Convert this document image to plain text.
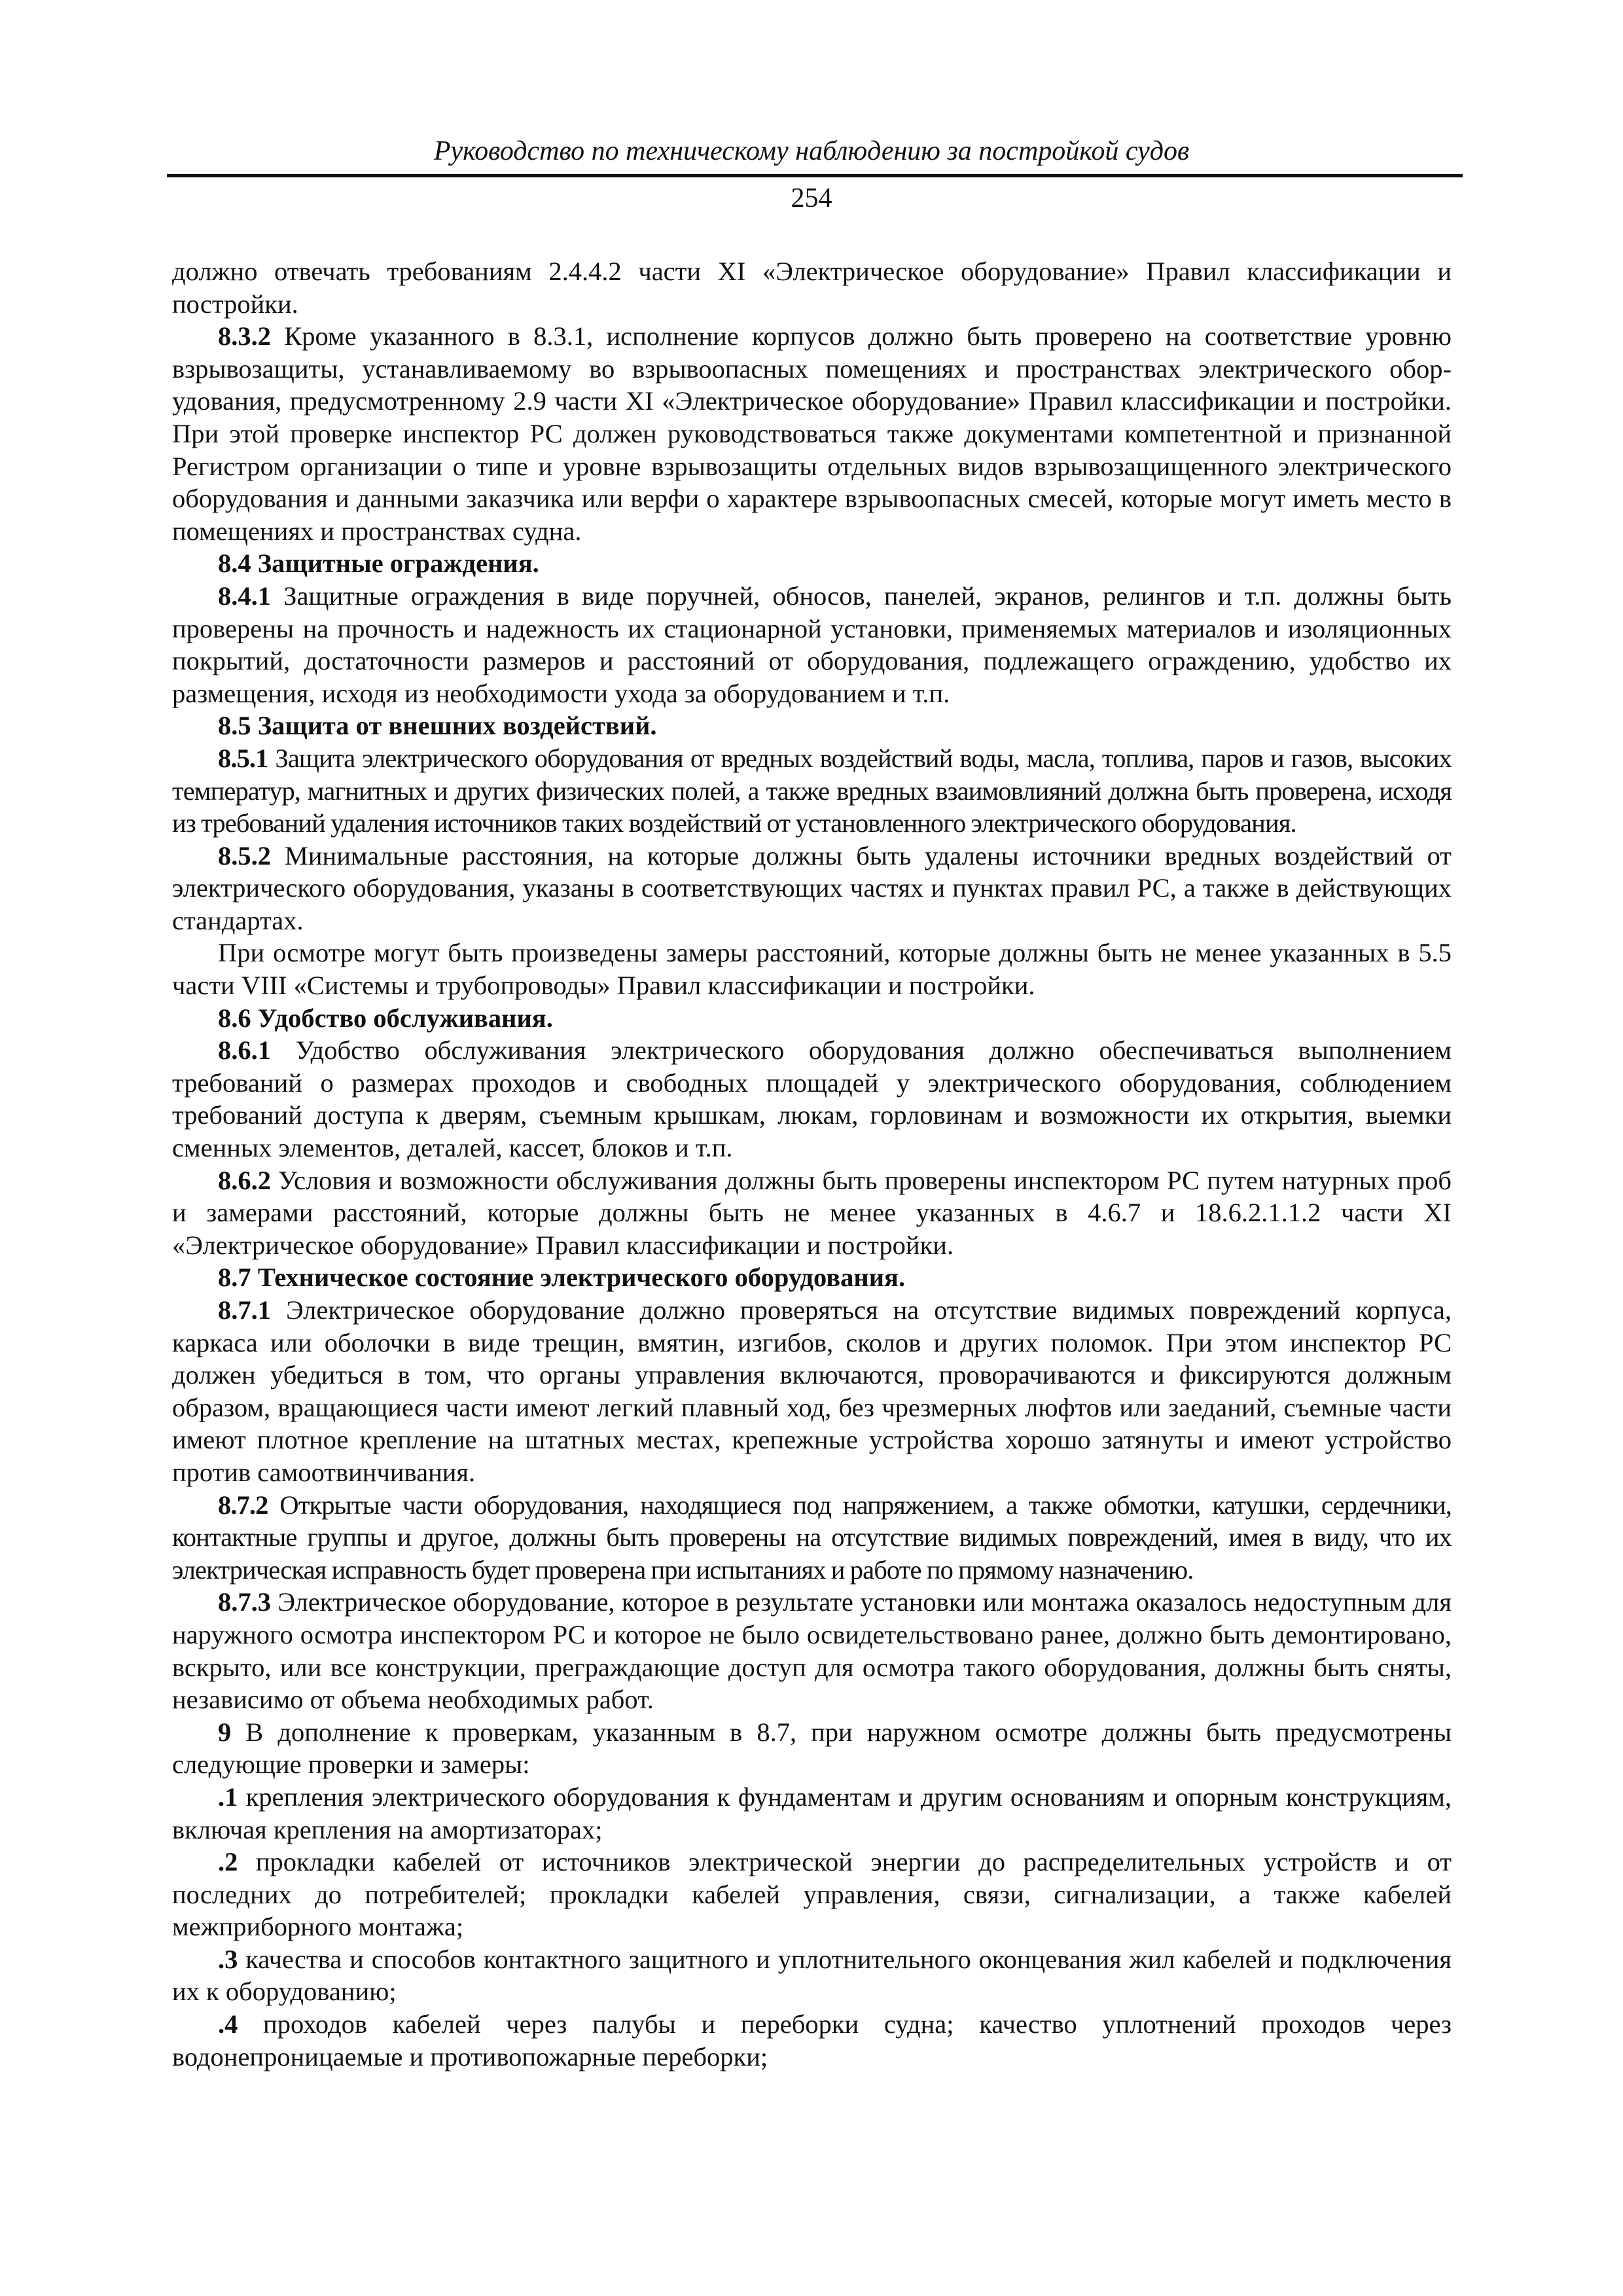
Руководство по техническому наблюдению за постройкой судов
254

должно отвечать требованиям 2.4.4.2 части XI «Электрическое оборудование» Правил классификации и постройки.

8.3.2 Кроме указанного в 8.3.1, исполнение корпусов должно быть проверено на соответствие уровню взрывозащиты, устанавливаемому во взрывоопасных помещениях и пространствах электрического оборудования, предусмотренному 2.9 части XI «Электрическое оборудование» Правил классификации и постройки. При этой проверке инспектор РС должен руководствоваться также документами компетентной и признанной Регистром организации о типе и уровне взрывозащиты отдельных видов взрывозащищенного электрического оборудования и данными заказчика или верфи о характере взрывоопасных смесей, которые могут иметь место в помещениях и пространствах судна.

8.4 Защитные ограждения.

8.4.1 Защитные ограждения в виде поручней, обносов, панелей, экранов, релингов и т.п. должны быть проверены на прочность и надежность их стационарной установки, применяемых материалов и изоляционных покрытий, достаточности размеров и расстояний от оборудования, подлежащего ограждению, удобство их размещения, исходя из необходимости ухода за оборудованием и т.п.

8.5 Защита от внешних воздействий.

8.5.1 Защита электрического оборудования от вредных воздействий воды, масла, топлива, паров и газов, высоких температур, магнитных и других физических полей, а также вредных взаимовлияний должна быть проверена, исходя из требований удаления источников таких воздействий от установленного электрического оборудования.

8.5.2 Минимальные расстояния, на которые должны быть удалены источники вредных воздействий от электрического оборудования, указаны в соответствующих частях и пунктах правил РС, а также в действующих стандартах.

При осмотре могут быть произведены замеры расстояний, которые должны быть не менее указанных в 5.5 части VIII «Системы и трубопроводы» Правил классификации и постройки.

8.6 Удобство обслуживания.

8.6.1 Удобство обслуживания электрического оборудования должно обеспечиваться выполнением требований о размерах проходов и свободных площадей у электрического оборудования, соблюдением требований доступа к дверям, съемным крышкам, люкам, горловинам и возможности их открытия, выемки сменных элементов, деталей, кассет, блоков и т.п.

8.6.2 Условия и возможности обслуживания должны быть проверены инспектором РС путем натурных проб и замерами расстояний, которые должны быть не менее указанных в 4.6.7 и 18.6.2.1.1.2 части XI «Электрическое оборудование» Правил классификации и постройки.

8.7 Техническое состояние электрического оборудования.

8.7.1 Электрическое оборудование должно проверяться на отсутствие видимых повреждений корпуса, каркаса или оболочки в виде трещин, вмятин, изгибов, сколов и других поломок. При этом инспектор РС должен убедиться в том, что органы управления включаются, проворачиваются и фиксируются должным образом, вращающиеся части имеют легкий плавный ход, без чрезмерных люфтов или заеданий, съемные части имеют плотное крепление на штатных местах, крепежные устройства хорошо затянуты и имеют устройство против самоотвинчивания.

8.7.2 Открытые части оборудования, находящиеся под напряжением, а также обмотки, катушки, сердечники, контактные группы и другое, должны быть проверены на отсутствие видимых повреждений, имея в виду, что их электрическая исправность будет проверена при испытаниях и работе по прямому назначению.

8.7.3 Электрическое оборудование, которое в результате установки или монтажа оказалось недоступным для наружного осмотра инспектором РС и которое не было освидетельствовано ранее, должно быть демонтировано, вскрыто, или все конструкции, преграждающие доступ для осмотра такого оборудования, должны быть сняты, независимо от объема необходимых работ.

9 В дополнение к проверкам, указанным в 8.7, при наружном осмотре должны быть предусмотрены следующие проверки и замеры:

.1 крепления электрического оборудования к фундаментам и другим основаниям и опорным конструкциям, включая крепления на амортизаторах;

.2 прокладки кабелей от источников электрической энергии до распределительных устройств и от последних до потребителей; прокладки кабелей управления, связи, сигнализации, а также кабелей межприборного монтажа;

.3 качества и способов контактного защитного и уплотнительного оконцевания жил кабелей и подключения их к оборудованию;

.4 проходов кабелей через палубы и переборки судна; качество уплотнений проходов через водонепроницаемые и противопожарные переборки;
